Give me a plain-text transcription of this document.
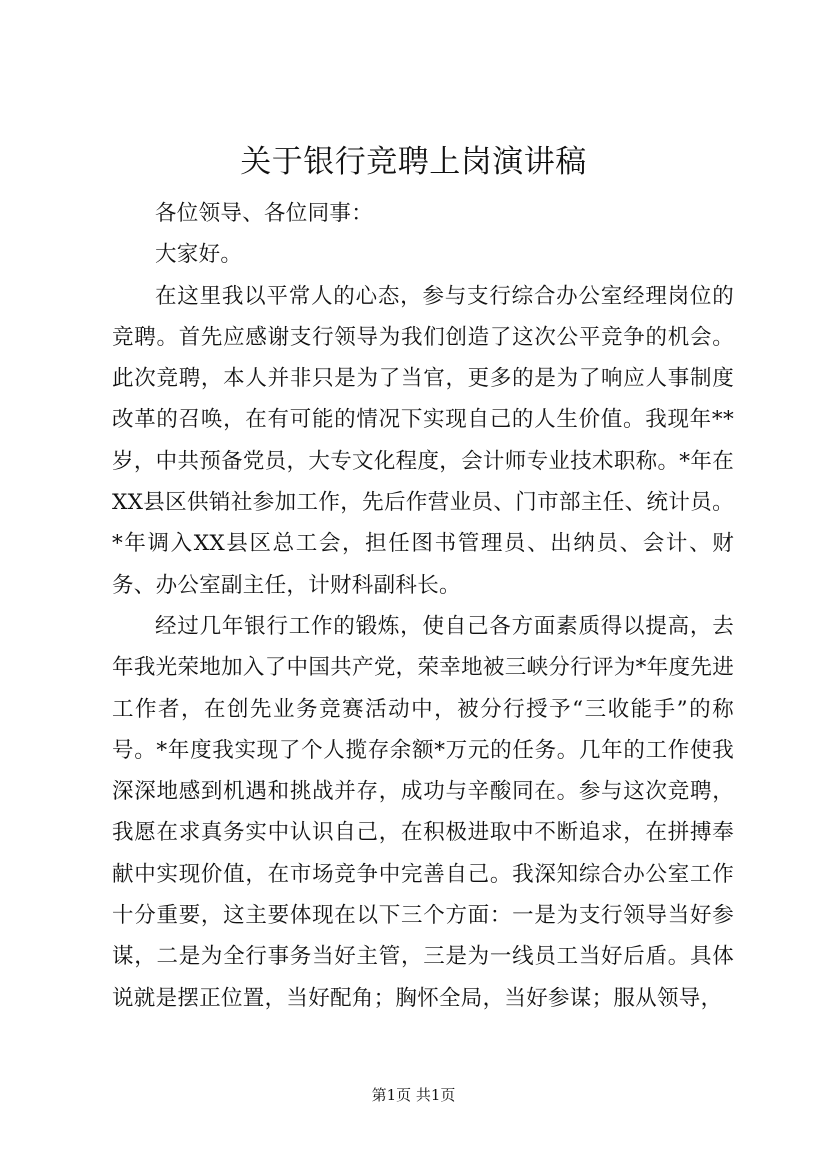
关于银行竞聘上岗演讲稿

各位领导、各位同事：

大家好。

在这里我以平常人的心态，参与支行综合办公室经理岗位的竞聘。首先应感谢支行领导为我们创造了这次公平竞争的机会。此次竞聘，本人并非只是为了当官，更多的是为了响应人事制度改革的召唤，在有可能的情况下实现自己的人生价值。我现年**岁，中共预备党员，大专文化程度，会计师专业技术职称。*年在XX县区供销社参加工作，先后作营业员、门市部主任、统计员。*年调入XX县区总工会，担任图书管理员、出纳员、会计、财务、办公室副主任，计财科副科长。

经过几年银行工作的锻炼，使自己各方面素质得以提高，去年我光荣地加入了中国共产党，荣幸地被三峡分行评为*年度先进工作者，在创先业务竞赛活动中，被分行授予“三收能手”的称号。*年度我实现了个人揽存余额*万元的任务。几年的工作使我深深地感到机遇和挑战并存，成功与辛酸同在。参与这次竞聘，我愿在求真务实中认识自己，在积极进取中不断追求，在拼搏奉献中实现价值，在市场竞争中完善自己。我深知综合办公室工作十分重要，这主要体现在以下三个方面：一是为支行领导当好参谋，二是为全行事务当好主管，三是为一线员工当好后盾。具体说就是摆正位置，当好配角；胸怀全局，当好参谋；服从领导，

第1页 共1页
